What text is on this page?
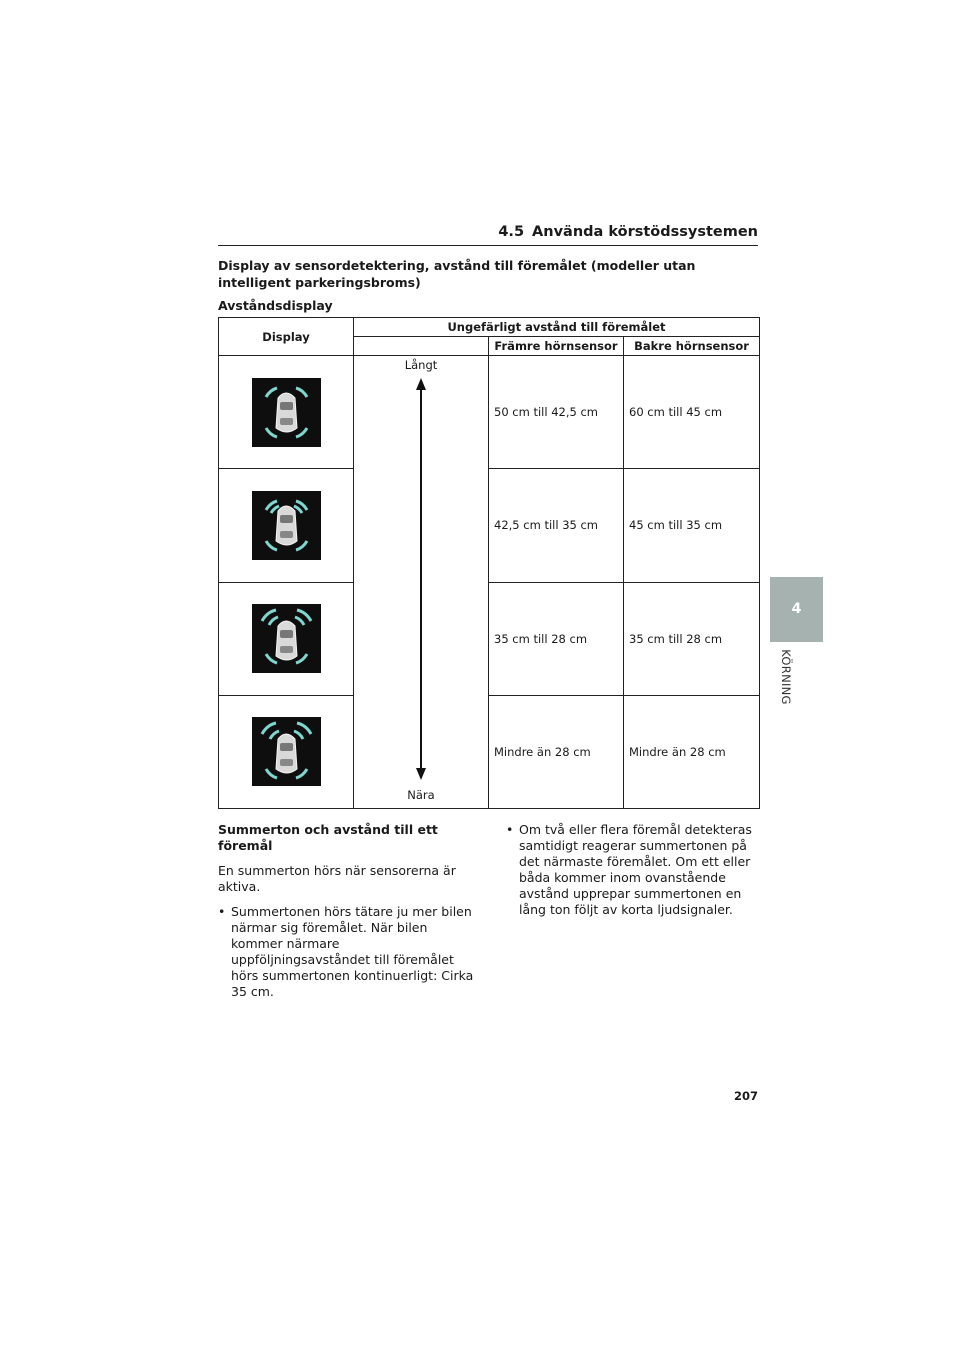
4.5 Använda körstödssystemen
Display av sensordetektering, avstånd till föremålet (modeller utan intelligent parkeringsbroms)
Avståndsdisplay
Display	Ungefärligt avstånd till föremålet		
		Främre hörnsensor	Bakre hörnsensor

Långt
Nära	50 cm till 42,5 cm	60 cm till 45 cm
	42,5 cm till 35 cm	45 cm till 35 cm
	35 cm till 28 cm	35 cm till 28 cm
	Mindre än 28 cm	Mindre än 28 cm
4
KÖRNING

Summerton och avstånd till ett föremål

En summerton hörs när sensorerna är aktiva.

• Summertonen hörs tätare ju mer bilen närmar sig föremålet. När bilen kommer närmare uppföljningsavståndet till föremålet hörs summertonen kontinuerligt: Cirka 35 cm.

• Om två eller flera föremål detekteras samtidigt reagerar summertonen på det närmaste föremålet. Om ett eller båda kommer inom ovanstående avstånd upprepar summertonen en lång ton följt av korta ljudsignaler.

207
